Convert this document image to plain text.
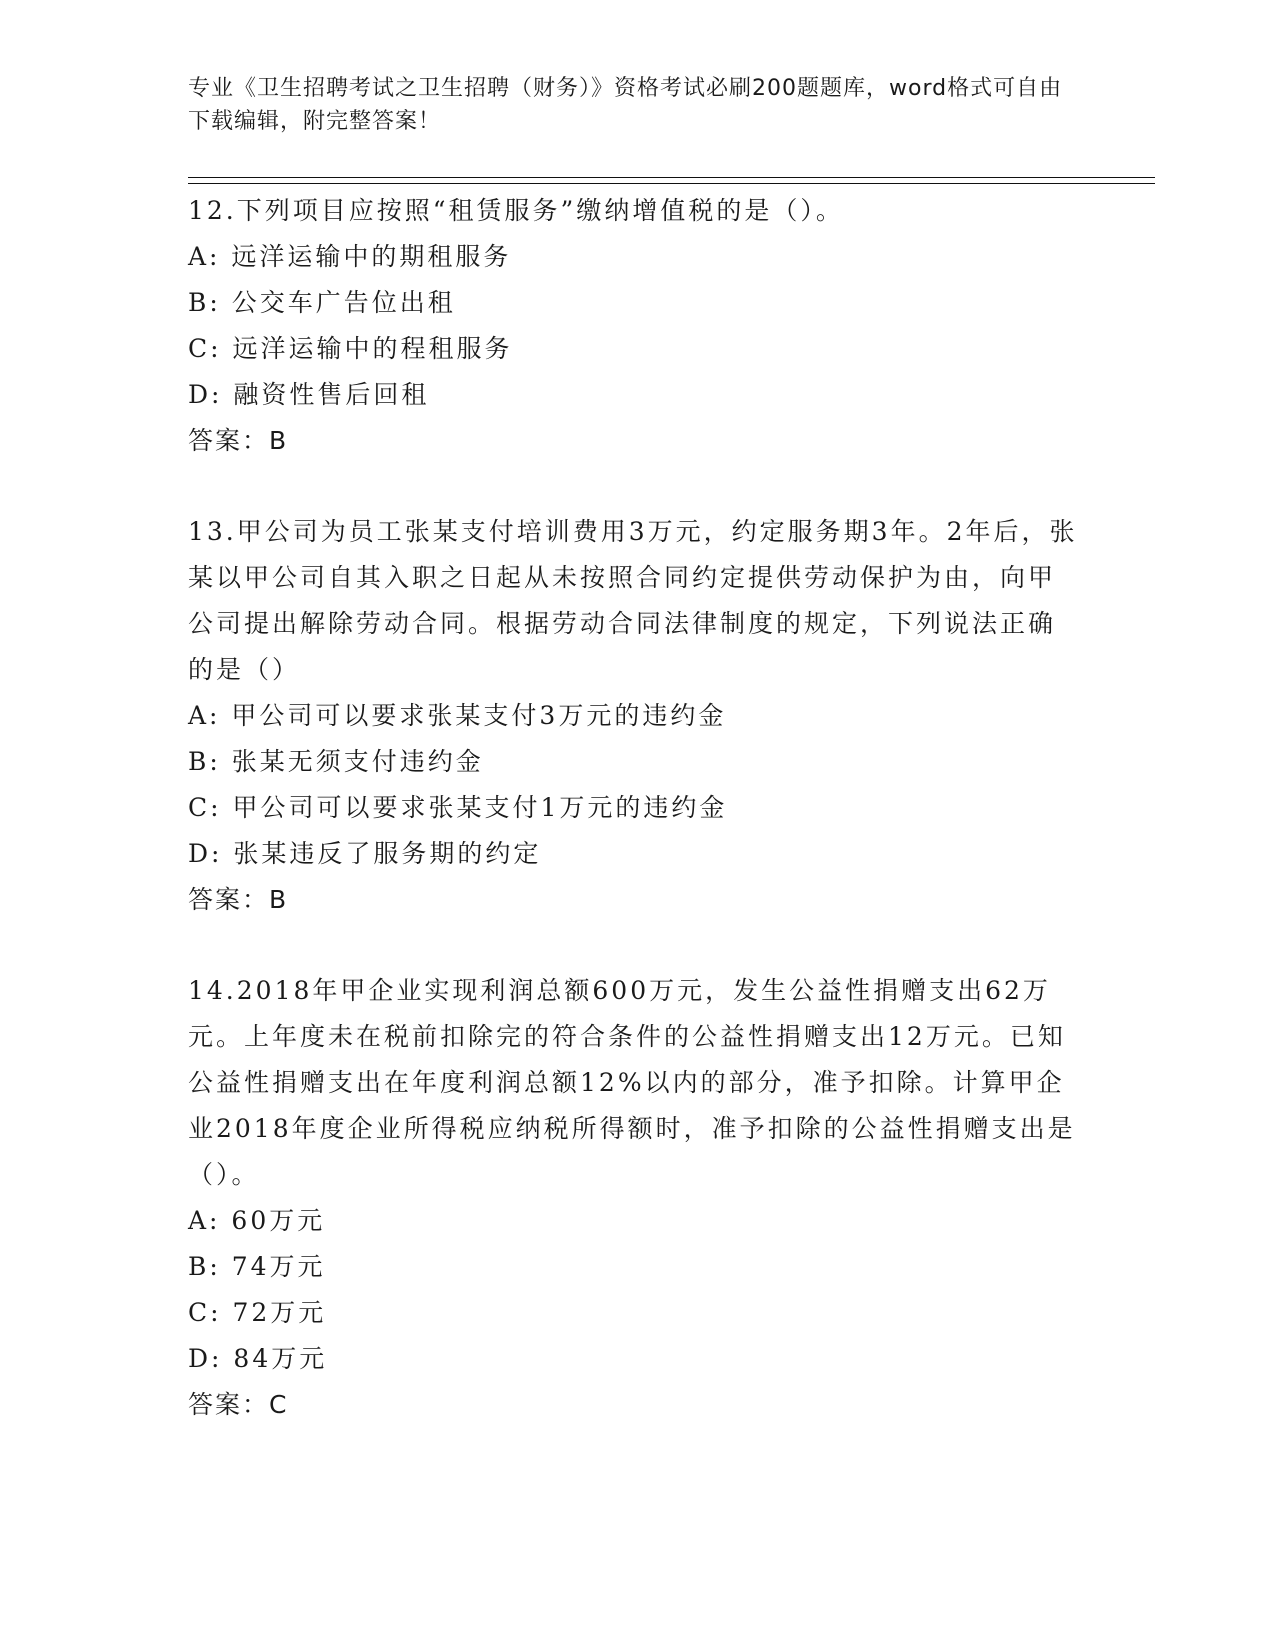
专业《卫生招聘考试之卫生招聘（财务）》资格考试必刷200题题库，word格式可自由下载编辑，附完整答案！

12.下列项目应按照“租赁服务”缴纳增值税的是（）。

A: 远洋运输中的期租服务

B: 公交车广告位出租

C: 远洋运输中的程租服务

D: 融资性售后回租

答案：B

13.甲公司为员工张某支付培训费用3万元，约定服务期3年。2年后，张某以甲公司自其入职之日起从未按照合同约定提供劳动保护为由，向甲公司提出解除劳动合同。根据劳动合同法律制度的规定，下列说法正确的是（）

A: 甲公司可以要求张某支付3万元的违约金

B: 张某无须支付违约金

C: 甲公司可以要求张某支付1万元的违约金

D: 张某违反了服务期的约定

答案：B

14.2018年甲企业实现利润总额600万元，发生公益性捐赠支出62万元。上年度未在税前扣除完的符合条件的公益性捐赠支出12万元。已知公益性捐赠支出在年度利润总额12%以内的部分，准予扣除。计算甲企业2018年度企业所得税应纳税所得额时，准予扣除的公益性捐赠支出是（）。

A: 60万元

B: 74万元

C: 72万元

D: 84万元

答案：C
